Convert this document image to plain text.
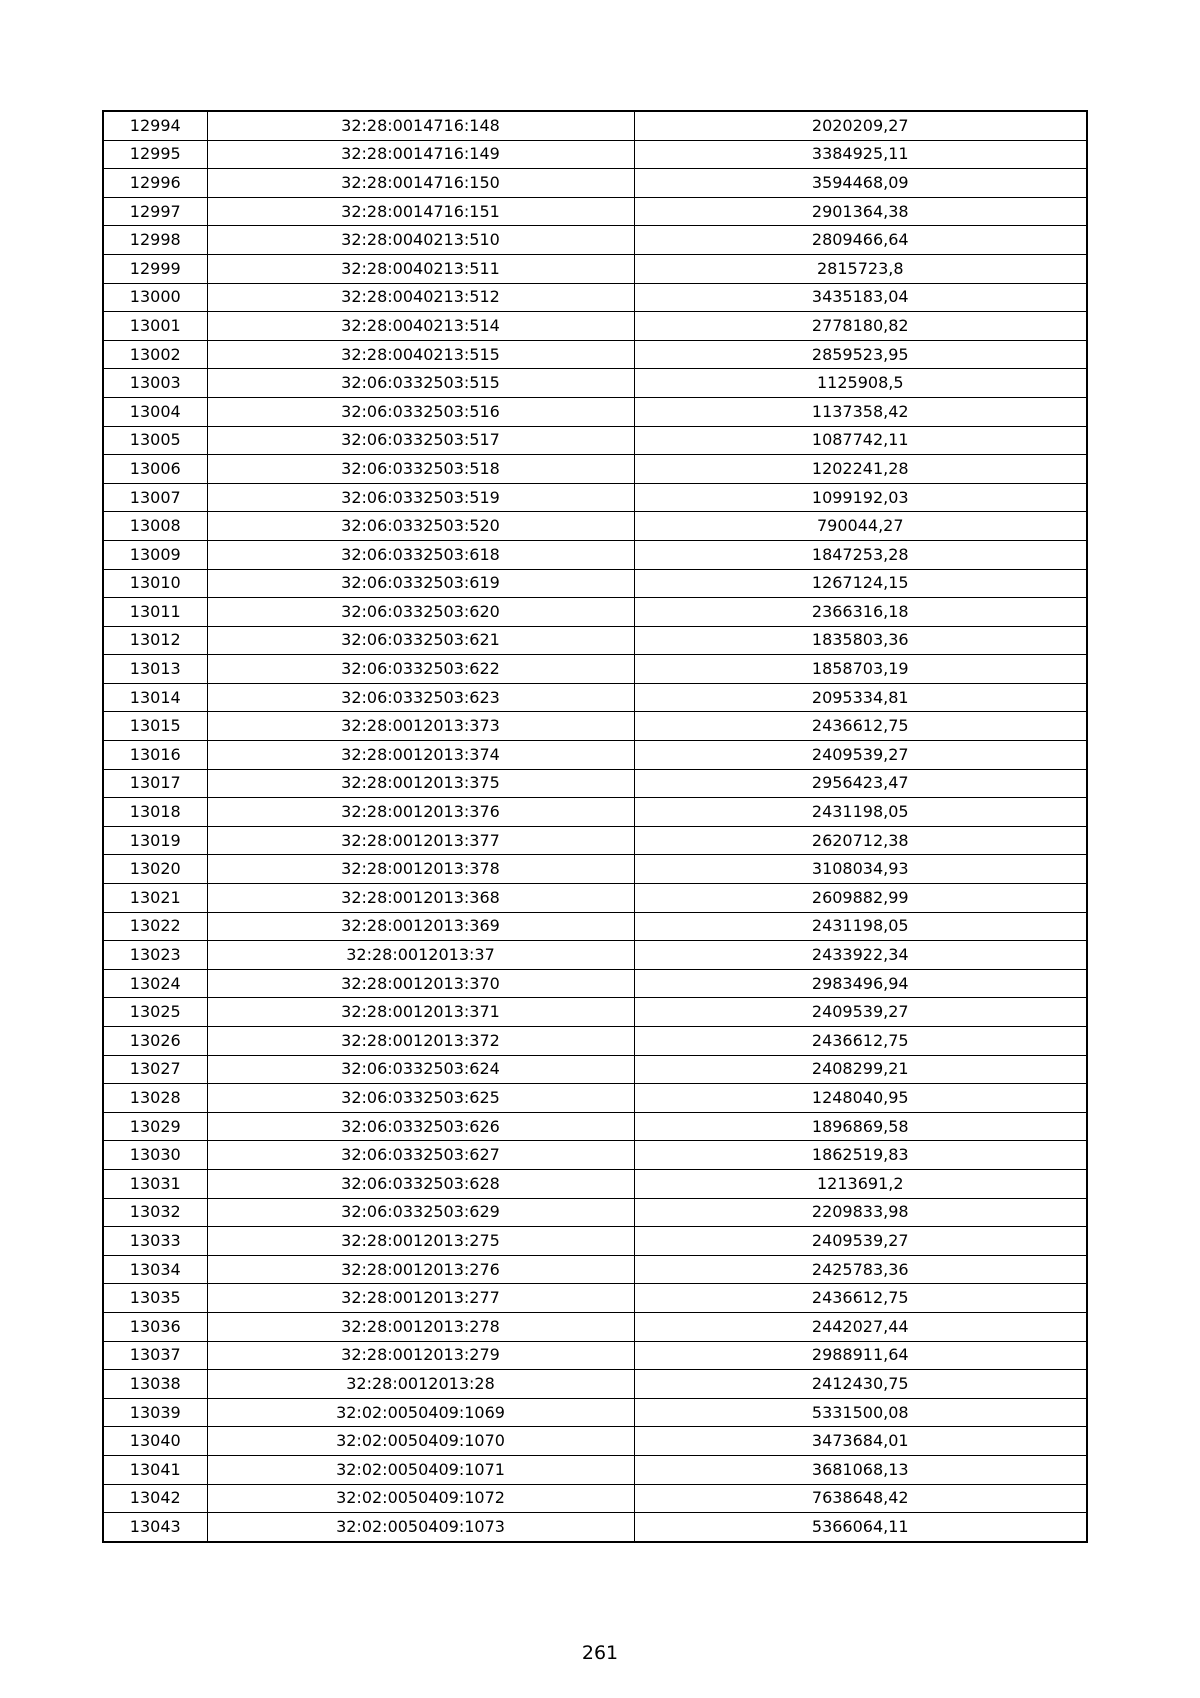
12994	32:28:0014716:148	2020209,27
12995	32:28:0014716:149	3384925,11
12996	32:28:0014716:150	3594468,09
12997	32:28:0014716:151	2901364,38
12998	32:28:0040213:510	2809466,64
12999	32:28:0040213:511	2815723,8
13000	32:28:0040213:512	3435183,04
13001	32:28:0040213:514	2778180,82
13002	32:28:0040213:515	2859523,95
13003	32:06:0332503:515	1125908,5
13004	32:06:0332503:516	1137358,42
13005	32:06:0332503:517	1087742,11
13006	32:06:0332503:518	1202241,28
13007	32:06:0332503:519	1099192,03
13008	32:06:0332503:520	790044,27
13009	32:06:0332503:618	1847253,28
13010	32:06:0332503:619	1267124,15
13011	32:06:0332503:620	2366316,18
13012	32:06:0332503:621	1835803,36
13013	32:06:0332503:622	1858703,19
13014	32:06:0332503:623	2095334,81
13015	32:28:0012013:373	2436612,75
13016	32:28:0012013:374	2409539,27
13017	32:28:0012013:375	2956423,47
13018	32:28:0012013:376	2431198,05
13019	32:28:0012013:377	2620712,38
13020	32:28:0012013:378	3108034,93
13021	32:28:0012013:368	2609882,99
13022	32:28:0012013:369	2431198,05
13023	32:28:0012013:37	2433922,34
13024	32:28:0012013:370	2983496,94
13025	32:28:0012013:371	2409539,27
13026	32:28:0012013:372	2436612,75
13027	32:06:0332503:624	2408299,21
13028	32:06:0332503:625	1248040,95
13029	32:06:0332503:626	1896869,58
13030	32:06:0332503:627	1862519,83
13031	32:06:0332503:628	1213691,2
13032	32:06:0332503:629	2209833,98
13033	32:28:0012013:275	2409539,27
13034	32:28:0012013:276	2425783,36
13035	32:28:0012013:277	2436612,75
13036	32:28:0012013:278	2442027,44
13037	32:28:0012013:279	2988911,64
13038	32:28:0012013:28	2412430,75
13039	32:02:0050409:1069	5331500,08
13040	32:02:0050409:1070	3473684,01
13041	32:02:0050409:1071	3681068,13
13042	32:02:0050409:1072	7638648,42
13043	32:02:0050409:1073	5366064,11
261
